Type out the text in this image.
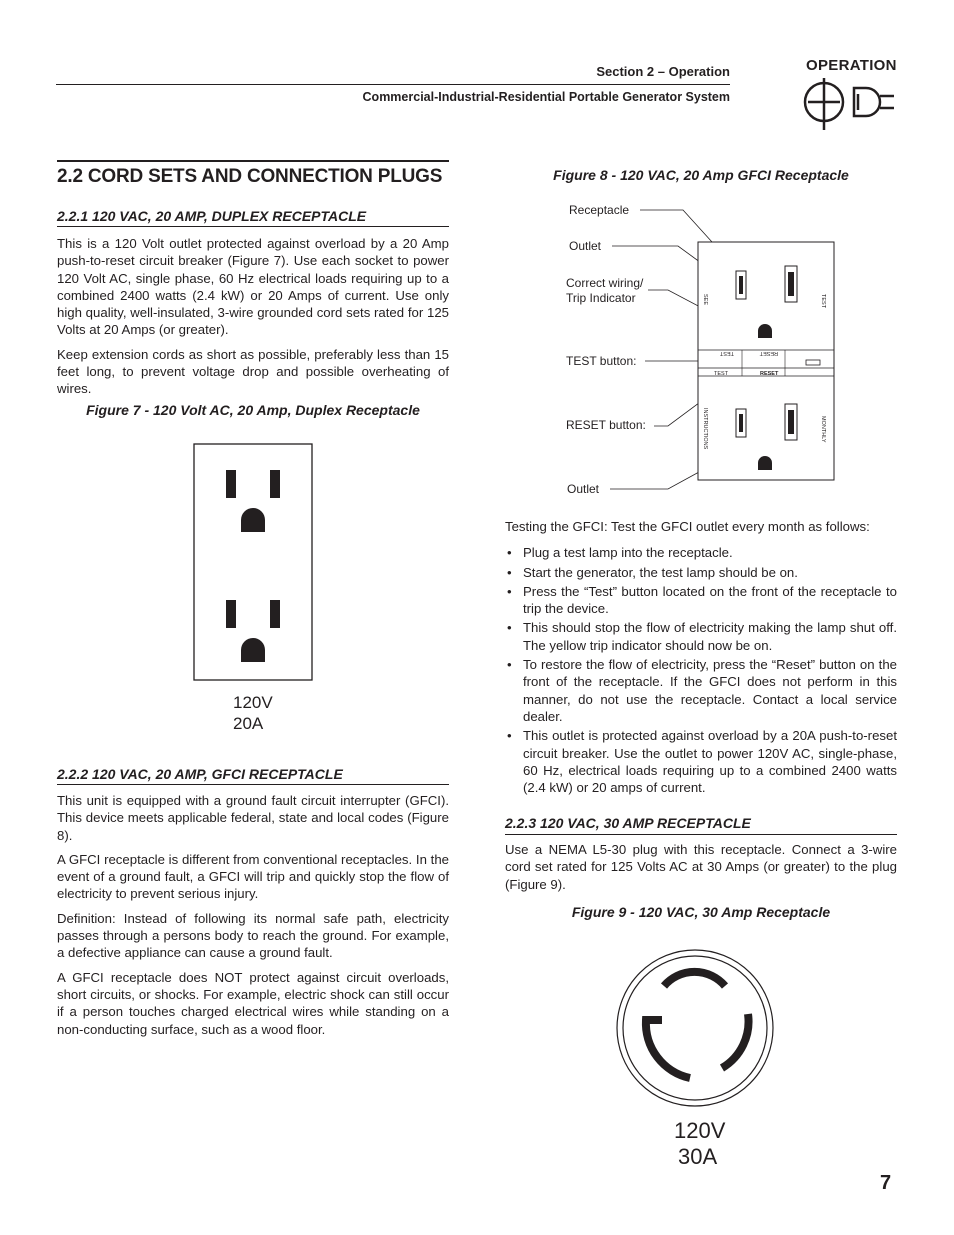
Section 2 – Operation
Commercial-Industrial-Residential Portable Generator System
OPERATION
2.2 CORD SETS AND CONNECTION PLUGS
2.2.1 120 VAC, 20 AMP, DUPLEX RECEPTACLE

This is a 120 Volt outlet protected against overload by a 20 Amp push-to-reset circuit breaker (Figure 7). Use each socket to power 120 Volt AC, single phase, 60 Hz electrical loads requiring up to a combined 2400 watts (2.4 kW) or 20 Amps of current. Use only high quality, well-insulated, 3-wire grounded cord sets rated for 125 Volts at 20 Amps (or greater).

Keep extension cords as short as possible, preferably less than 15 feet long, to prevent voltage drop and possible overheating of wires.

Figure 7 - 120 Volt AC, 20 Amp, Duplex Receptacle
120V
20A
2.2.2 120 VAC, 20 AMP, GFCI RECEPTACLE

This unit is equipped with a ground fault circuit interrupter (GFCI). This device meets applicable federal, state and local codes (Figure 8).

A GFCI receptacle is different from conventional receptacles. In the event of a ground fault, a GFCI will trip and quickly stop the flow of electricity to prevent serious injury.

Definition: Instead of following its normal safe path, electricity passes through a persons body to reach the ground. For example, a defective appliance can cause a ground fault.

A GFCI receptacle does NOT protect against circuit overloads, short circuits, or shocks. For example, electric shock can still occur if a person touches charged electrical wires while standing on a non-conducting surface, such as a wood floor.

Figure 8 - 120 VAC, 20 Amp GFCI Receptacle
Receptacle
Outlet
Correct wiring/
Trip Indicator
TEST button:
RESET button:
Outlet
TEST	RESET
TEST	RESET
SEE	TEST
INSTRUCTIONS	MONTHLY

Testing the GFCI: Test the GFCI outlet every month as follows:

• Plug a test lamp into the receptacle.
• Start the generator, the test lamp should be on.
• Press the “Test” button located on the front of the receptacle to trip the device.
• This should stop the flow of electricity making the lamp shut off. The yellow trip indicator should now be on.
• To restore the flow of electricity, press the “Reset” button on the front of the receptacle. If the GFCI does not perform in this manner, do not use the receptacle. Contact a local service dealer.
• This outlet is protected against overload by a 20A push-to-reset circuit breaker. Use the outlet to power 120V AC, single-phase, 60 Hz, electrical loads requiring up to a combined 2400 watts (2.4 kW) or 20 amps of current.
2.2.3 120 VAC, 30 AMP RECEPTACLE

Use a NEMA L5-30 plug with this receptacle. Connect a 3-wire cord set rated for 125 Volts AC at 30 Amps (or greater) to the plug (Figure 9).

Figure 9 - 120 VAC, 30 Amp Receptacle
120V
30A
7
